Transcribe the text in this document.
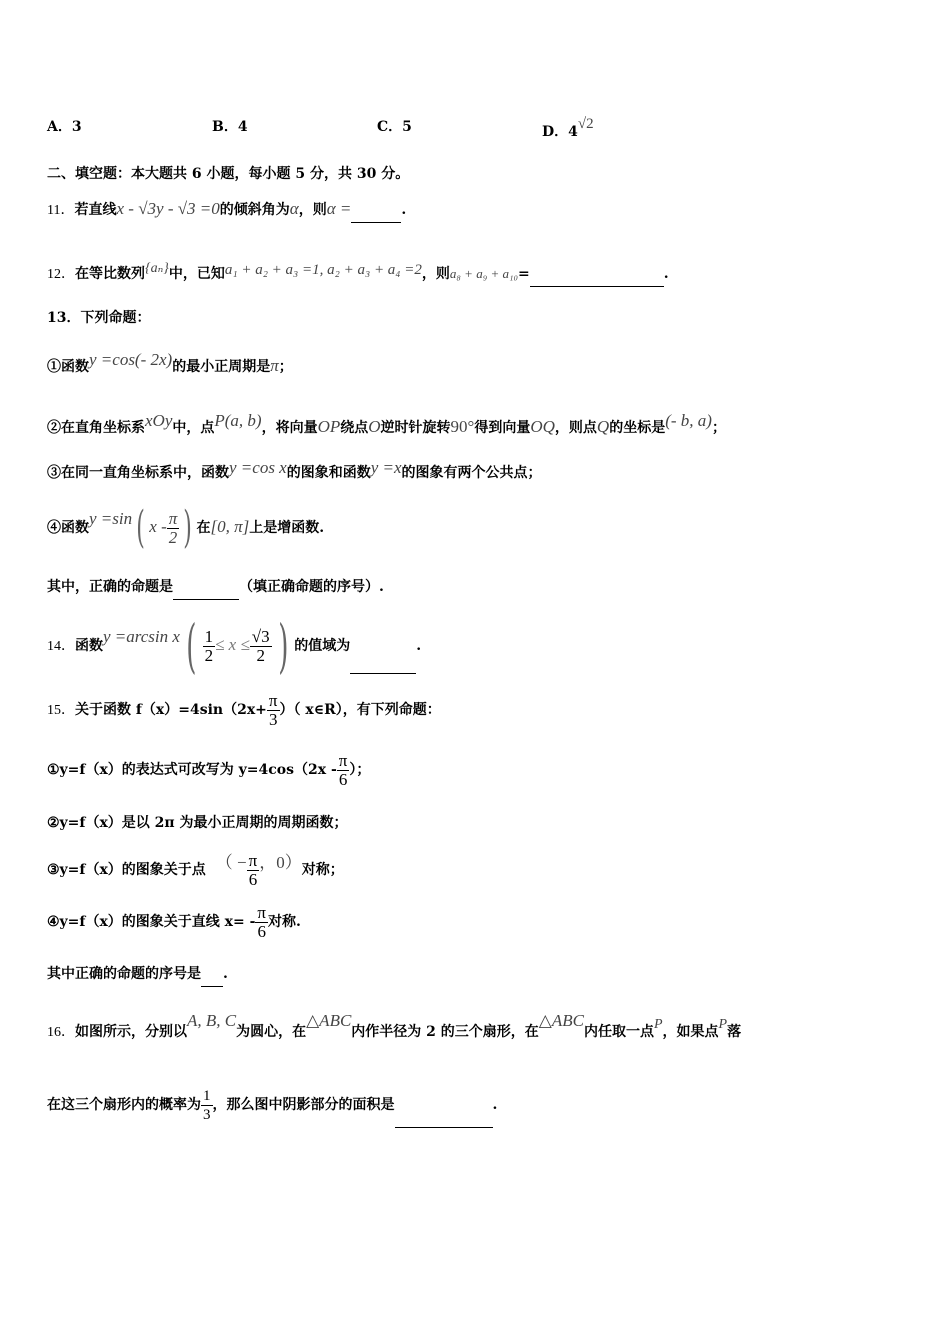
A．3	B．4	C．5	D．$4^{√2}$
二、填空题：本大题共 6 小题，每小题 5 分，共 30 分。
11．若直线x - √3y - √3 =0的倾斜角为α，则α =	.
12．在等比数列{aₙ}中，已知a₁ + a₂ + a₃ =1, a₂ + a₃ + a₄ =2，则a₈ + a₉ + a₁₀=	.
13．下列命题：
①函数y =cos(- 2x)的最小正周期是π；
②在直角坐标系xOy中，点P(a, b)，将向量OP绕点O逆时针旋转90°得到向量OQ，则点Q的坐标是(- b, a)；
③在同一直角坐标系中，函数y =cos x的图象和函数y =x的图象有两个公共点；
④函数y =sin( x - $\frac{\pi}{2}$ ) 在[0, π]上是增函数.
其中，正确的命题是	（填正确命题的序号）.
14．函数y =arcsin x ( $\frac{1}{2} \le x \le \frac{√3}{2}$ ) 的值域为	.
15．关于函数 $f(x)=4\sin(2x+ \frac{\pi}{3}$ ）（ x∈R），有下列命题：
①y=f（x）的表达式可改写为 $y=4\cos(2x - \frac{\pi}{6}$ ）；
②y=f（x）是以 2π 为最小正周期的周期函数；
③y=f（x）的图象关于点 （ − $\frac{\pi}{6}$ ，0）对称；
④y=f（x）的图象关于直线 $x= - \frac{\pi}{6}$ 对称.
其中正确的命题的序号是 .
16．如图所示，分别以A, B, C为圆心，在△ABC内作半径为 2 的三个扇形，在△ABC内任取一点P，如果点P落
在这三个扇形内的概率为 $\frac{1}{3}$ ，那么图中阴影部分的面积是	.
